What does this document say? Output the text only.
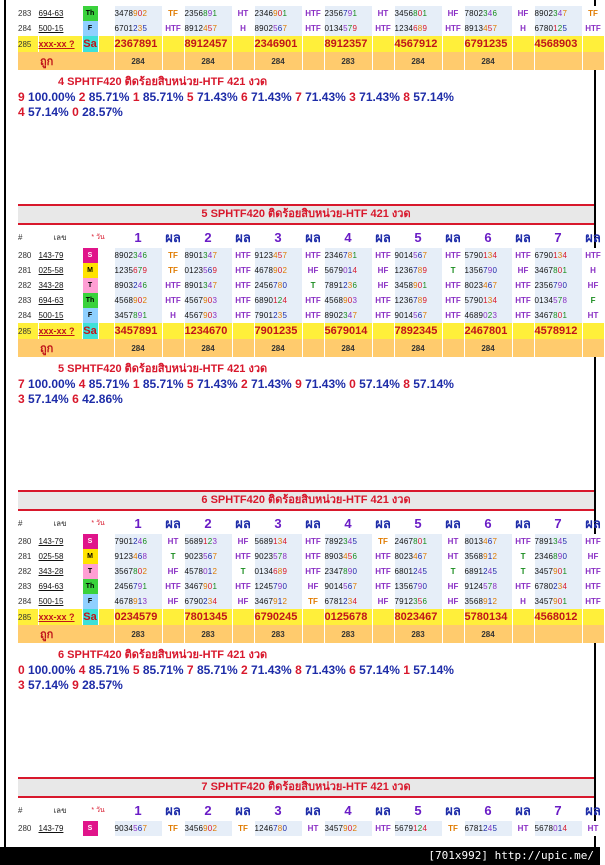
283	694-63	Th		3478902	TF	2356891	HT	2346901	HTF	2356791	HT	3456801	HF	7802346	HF	8902347	TF
284	500-15	F		6701235	HTF	8912457	H	8902567	HTF	0134579	HTF	1234689	HTF	8913457	H	6780125	HTF
285	xxx-xx ?	Sa		2367891		8912457		2346901		8912357		4567912		6791235		4568903	
ถูก				284		284		284		283		284		284			
4 SPHTF420 ติดร้อยสิบหน่วย-HTF 421 งวด
9 100.00% 2 85.71% 1 85.71% 5 71.43% 6 71.43% 7 71.43% 3 71.43% 8 57.14%
4 57.14% 0 28.57%
5 SPHTF420 ติดร้อยสิบหน่วย-HTF 421 งวด
#	เลข	* วัน		1	ผล	2	ผล	3	ผล	4	ผล	5	ผล	6	ผล	7	ผล
280	143-79	S		8902346	TF	8901347	HTF	9123457	HTF	2346781	HTF	9014567	HTF	5790134	HTF	6790134	HTF
281	025-58	M		1235679	TF	0123569	HTF	4678902	HF	5679014	HF	1236789	T	1356790	HF	3467801	H
282	343-28	T		8903246	HTF	8901347	HTF	2456780	T	7891236	HF	3458901	HTF	8023467	HTF	2356790	HF
283	694-63	Th		4568902	HTF	4567903	HTF	6890124	HTF	4568903	HTF	1236789	HTF	5790134	HTF	0134578	F
284	500-15	F		3457891	H	4567903	HTF	7901235	HTF	8902347	HTF	9014567	HTF	4689023	HTF	3467801	HT
285	xxx-xx ?	Sa		3457891		1234670		7901235		5679014		7892345		2467801		4578912	
ถูก				284		284		284		284		284		284			
5 SPHTF420 ติดร้อยสิบหน่วย-HTF 421 งวด
7 100.00% 4 85.71% 1 85.71% 5 71.43% 2 71.43% 9 71.43% 0 57.14% 8 57.14%
3 57.14% 6 42.86%
6 SPHTF420 ติดร้อยสิบหน่วย-HTF 421 งวด
#	เลข	* วัน		1	ผล	2	ผล	3	ผล	4	ผล	5	ผล	6	ผล	7	ผล
280	143-79	S		7901246	HT	5689123	HF	5689134	HTF	7892345	TF	2467801	HT	8013467	HTF	7891345	HTF
281	025-58	M		9123468	T	9023567	HTF	9023578	HTF	8903456	HTF	8023467	HT	3568912	T	2346890	HF
282	343-28	T		3567802	HF	4578012	T	0134689	HTF	2347890	HTF	6801245	T	6891245	T	3457901	HTF
283	694-63	Th		2456791	HTF	3467901	HTF	1245790	HF	9014567	HTF	1356790	HF	9124578	HTF	6780234	HTF
284	500-15	F		4678913	HF	6790234	HF	3467912	TF	6781234	HF	7912356	HF	3568912	H	3457901	HTF
285	xxx-xx ?	Sa		0234579		7801345		6790245		0125678		8023467		5780134		4568012	
ถูก				283		283		283		283		283		284			
6 SPHTF420 ติดร้อยสิบหน่วย-HTF 421 งวด
0 100.00% 4 85.71% 5 85.71% 7 85.71% 2 71.43% 8 71.43% 6 57.14% 1 57.14%
3 57.14% 9 28.57%
7 SPHTF420 ติดร้อยสิบหน่วย-HTF 421 งวด
#	เลข	* วัน		1	ผล	2	ผล	3	ผล	4	ผล	5	ผล	6	ผล	7	ผล
280	143-79	S		9034567	TF	3456902	TF	1246780	HT	3457902	HTF	5679124	TF	6781245	HT	5678014	HT
[701x992] http://upic.me/
